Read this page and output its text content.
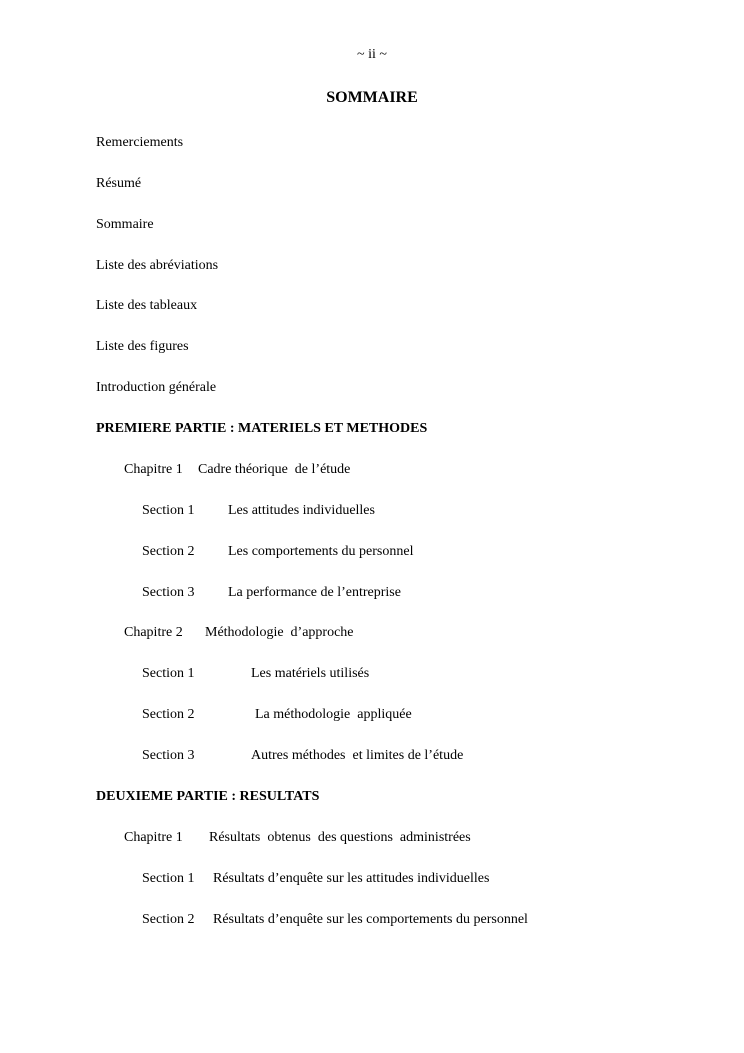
~ ii ~
SOMMAIRE
Remerciements
Résumé
Sommaire
Liste des abréviations
Liste des tableaux
Liste des figures
Introduction générale
PREMIERE PARTIE : MATERIELS ET METHODES
Chapitre 1 Cadre théorique  de l’étude
Section 1 Les attitudes individuelles
Section 2 Les comportements du personnel
Section 3 La performance de l’entreprise
Chapitre 2 Méthodologie  d’approche
Section 1	Les matériels utilisés
Section 2	La méthodologie  appliquée
Section 3	Autres méthodes  et limites de l’étude
DEUXIEME PARTIE : RESULTATS
Chapitre 1 Résultats  obtenus  des questions  administrées
Section 1 Résultats d’enquête sur les attitudes individuelles
Section 2 Résultats d’enquête sur les comportements du personnel
